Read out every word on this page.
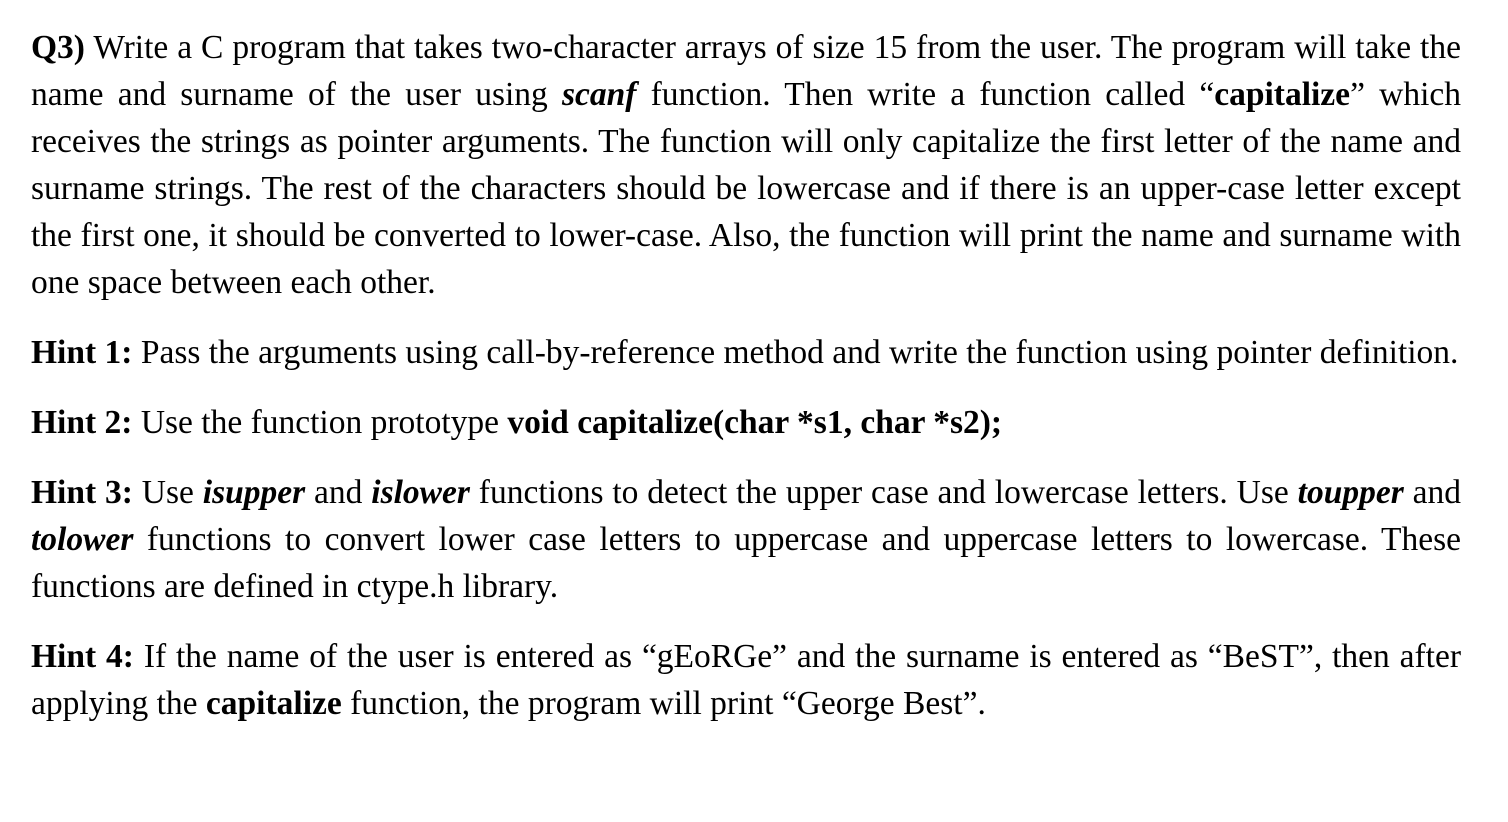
Q3) Write a C program that takes two-character arrays of size 15 from the user. The program will take the name and surname of the user using scanf function. Then write a function called “capitalize” which receives the strings as pointer arguments. The function will only capitalize the first letter of the name and surname strings. The rest of the characters should be lowercase and if there is an upper-case letter except the first one, it should be converted to lower-case. Also, the function will print the name and surname with one space between each other.

Hint 1: Pass the arguments using call-by-reference method and write the function using pointer definition.

Hint 2: Use the function prototype void capitalize(char *s1, char *s2);

Hint 3: Use isupper and islower functions to detect the upper case and lowercase letters. Use toupper and tolower functions to convert lower case letters to uppercase and uppercase letters to lowercase. These functions are defined in ctype.h library.

Hint 4: If the name of the user is entered as “gEoRGe” and the surname is entered as “BeST”, then after applying the capitalize function, the program will print “George Best”.
